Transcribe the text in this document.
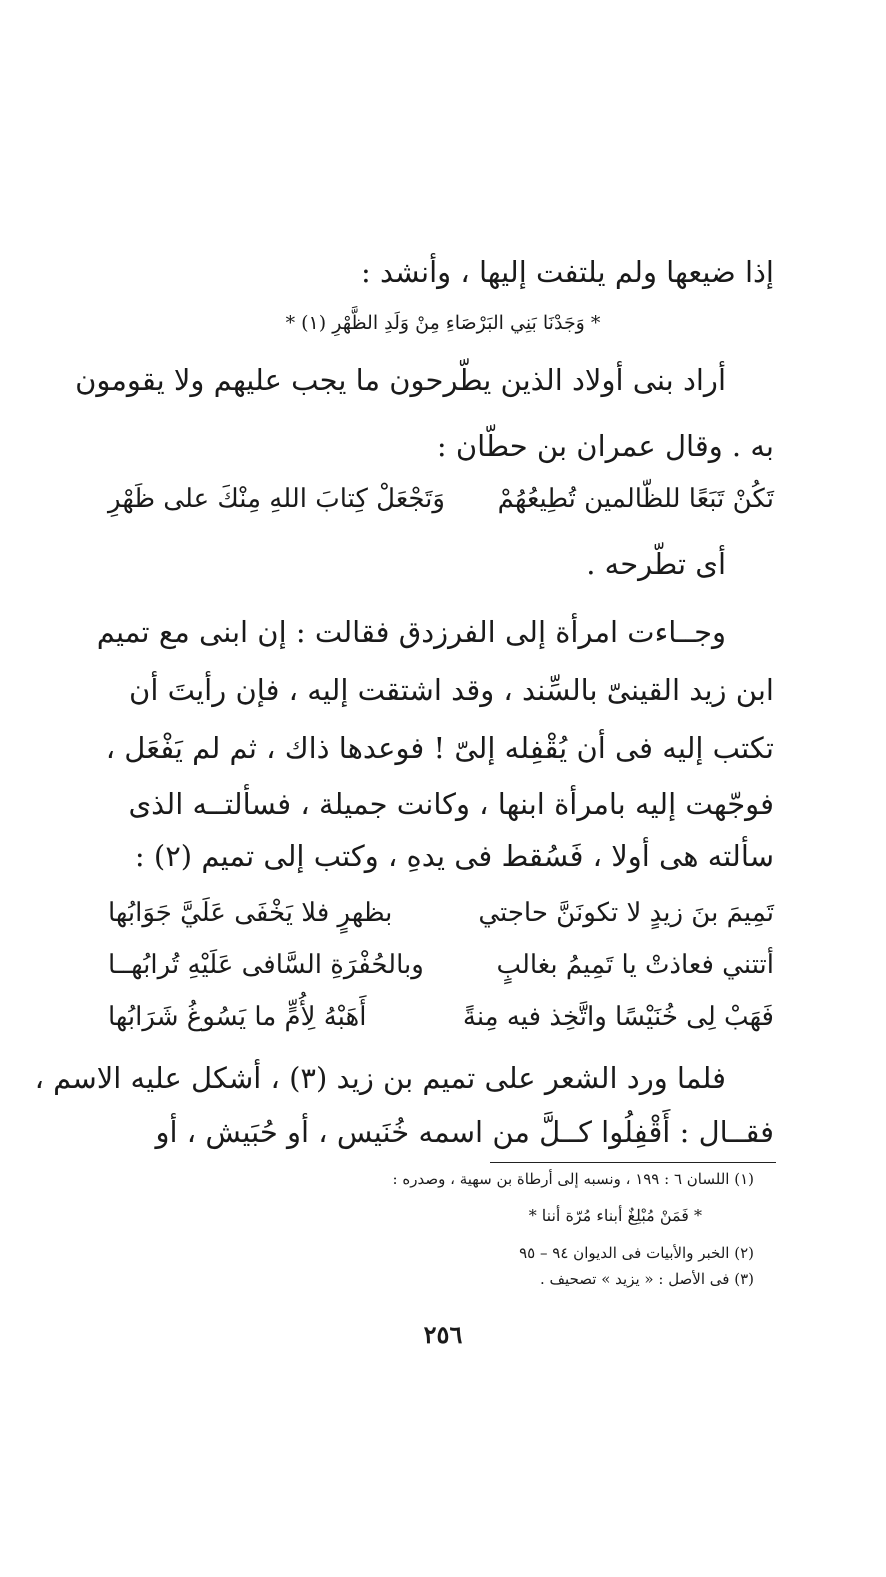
إذا ضيعها ولم يلتفت إليها ، وأنشد :
* وَجَدْنَا بَنِي البَرْصَاءِ مِنْ وَلَدِ الظَّهْرِ (١) *
أراد بنى أولاد الذين يطّرحون ما يجب عليهم ولا يقومون
به . وقال عمران بن حطّان :
تَكُنْ تَبَعًا للظّالمين تُطِيعُهُمْ
وَتَجْعَلْ كِتابَ اللهِ مِنْكَ على ظَهْرِ
أى تطّرحه .
وجــاءت امرأة إلى الفرزدق فقالت : إن ابنى مع تميم
ابن زيد القينىّ بالسِّند ، وقد اشتقت إليه ، فإن رأيتَ أن
تكتب إليه فى أن يُقْفِله إلىّ ! فوعدها ذاك ، ثم لم يَفْعَل ،
فوجّهت إليه بامرأة ابنها ، وكانت جميلة ، فسألتــه الذى
سألته هى أولا ، فَسُقط فى يدهِ ، وكتب إلى تميم (٢) :
تَمِيمَ بنَ زيدٍ لا تكونَنَّ حاجتي
بظهرٍ فلا يَخْفَى عَلَيَّ جَوَابُها
أتتني فعاذتْ يا تَمِيمُ بغالبٍ
وبالحُفْرَةِ السَّافى عَلَيْهِ تُرابُهــا
فَهَبْ لِى خُنَيْسًا واتَّخِذ فيه مِنةً
أَهَبْهُ لِأُمٍّ ما يَسُوغُ شَرَابُها
فلما ورد الشعر على تميم بن زيد (٣) ، أشكل عليه الاسم ،
فقــال : أَقْفِلُوا كــلَّ من اسمه خُنَيس ، أو حُبَيش ، أو
(١) اللسان ٦ : ١٩٩ ، ونسبه إلى أرطاة بن سهية ، وصدره :
* فَمَنْ مُبْلِغٌ أبناء مُرّة أننا *
(٢) الخبر والأبيات فى الديوان ٩٤ – ٩٥
(٣) فى الأصل : « يزيد » تصحيف .
٢٥٦
